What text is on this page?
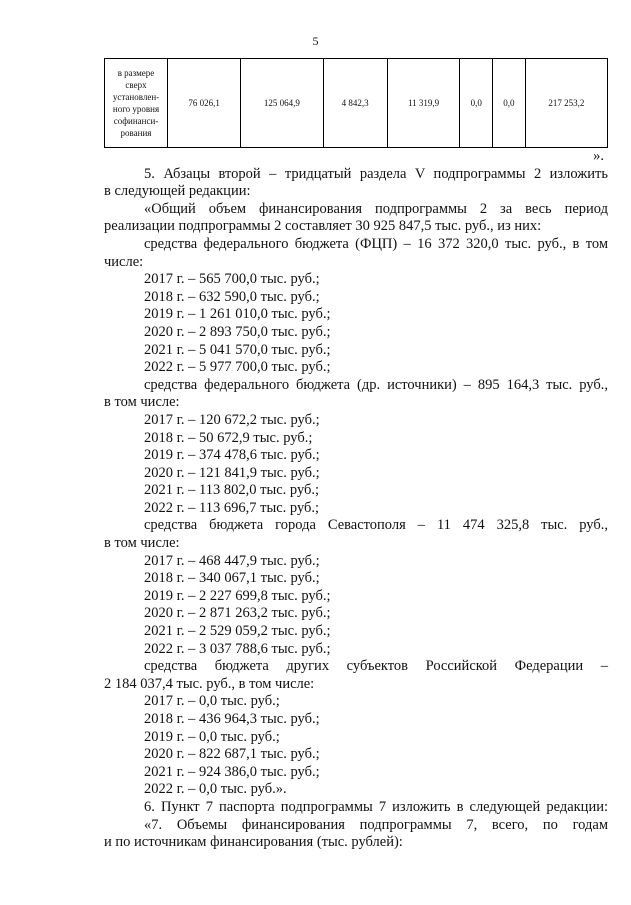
5
в размере
сверх
установлен-
ного уровня
софинанси-
рования
	76 026,1	125 064,9	4 842,3	11 319,9	0,0	0,0	217 253,2
».
5. Абзацы второй – тридцатый раздела V подпрограммы 2 изложить
в следующей редакции:
«Общий объем финансирования подпрограммы 2 за весь период
реализации подпрограммы 2 составляет 30 925 847,5 тыс. руб., из них:
средства федерального бюджета (ФЦП) – 16 372 320,0 тыс. руб., в том
числе:
2017 г. – 565 700,0 тыс. руб.;
2018 г. – 632 590,0 тыс. руб.;
2019 г. – 1 261 010,0 тыс. руб.;
2020 г. – 2 893 750,0 тыс. руб.;
2021 г. – 5 041 570,0 тыс. руб.;
2022 г. – 5 977 700,0 тыс. руб.;
средства федерального бюджета (др. источники) – 895 164,3 тыс. руб.,
в том числе:
2017 г. – 120 672,2 тыс. руб.;
2018 г. – 50 672,9 тыс. руб.;
2019 г. – 374 478,6 тыс. руб.;
2020 г. – 121 841,9 тыс. руб.;
2021 г. – 113 802,0 тыс. руб.;
2022 г. – 113 696,7 тыс. руб.;
средства бюджета города Севастополя – 11 474 325,8 тыс. руб.,
в том числе:
2017 г. – 468 447,9 тыс. руб.;
2018 г. – 340 067,1 тыс. руб.;
2019 г. – 2 227 699,8 тыс. руб.;
2020 г. – 2 871 263,2 тыс. руб.;
2021 г. – 2 529 059,2 тыс. руб.;
2022 г. – 3 037 788,6 тыс. руб.;
средства бюджета других субъектов Российской Федерации –
2 184 037,4 тыс. руб., в том числе:
2017 г. – 0,0 тыс. руб.;
2018 г. – 436 964,3 тыс. руб.;
2019 г. – 0,0 тыс. руб.;
2020 г. – 822 687,1 тыс. руб.;
2021 г. – 924 386,0 тыс. руб.;
2022 г. – 0,0 тыс. руб.».
6. Пункт 7 паспорта подпрограммы 7 изложить в следующей редакции:
«7. Объемы финансирования подпрограммы 7, всего, по годам
и по источникам финансирования (тыс. рублей):
